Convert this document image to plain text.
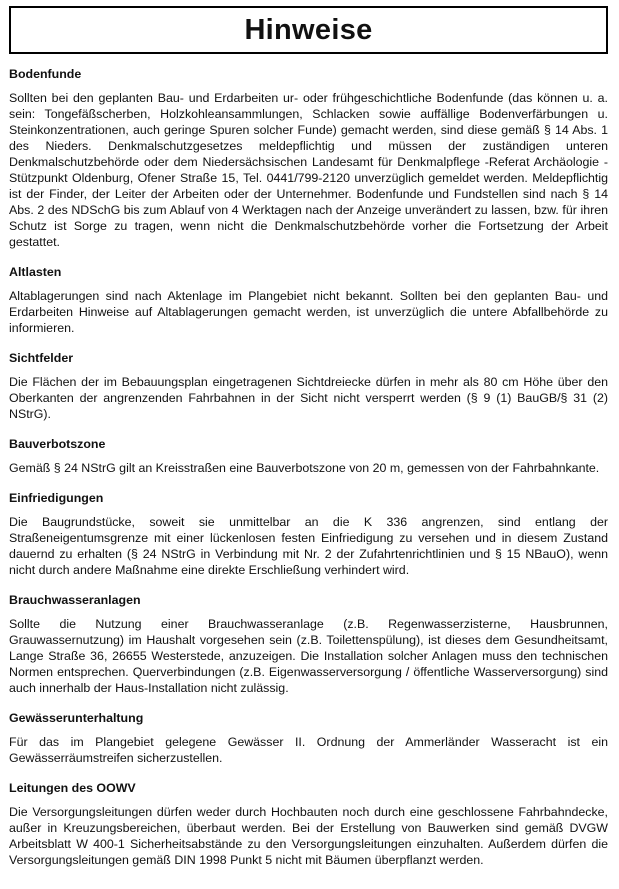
Hinweise

Bodenfunde

Sollten bei den geplanten Bau- und Erdarbeiten ur- oder frühgeschichtliche Bodenfunde (das können u. a. sein: Tongefäßscherben, Holzkohleansammlungen, Schlacken sowie auffällige Bodenverfärbungen u. Steinkonzentrationen, auch geringe Spuren solcher Funde) gemacht werden, sind diese gemäß § 14 Abs. 1 des Nieders. Denkmalschutzgesetzes meldepflichtig und müssen der zuständigen unteren Denkmalschutzbehörde oder dem Niedersächsischen Landesamt für Denkmalpflege -Referat Archäologie - Stützpunkt Oldenburg, Ofener Straße 15, Tel. 0441/799-2120 unverzüglich gemeldet werden. Meldepflichtig ist der Finder, der Leiter der Arbeiten oder der Unternehmer. Bodenfunde und Fundstellen sind nach § 14 Abs. 2 des NDSchG bis zum Ablauf von 4 Werktagen nach der Anzeige unverändert zu lassen, bzw. für ihren Schutz ist Sorge zu tragen, wenn nicht die Denkmalschutzbehörde vorher die Fortsetzung der Arbeit gestattet.

Altlasten

Altablagerungen sind nach Aktenlage im Plangebiet nicht bekannt. Sollten bei den geplanten Bau- und Erdarbeiten Hinweise auf Altablagerungen gemacht werden, ist unverzüglich die untere Abfallbehörde zu informieren.

Sichtfelder

Die Flächen der im Bebauungsplan eingetragenen Sichtdreiecke dürfen in mehr als 80 cm Höhe über den Oberkanten der angrenzenden Fahrbahnen in der Sicht nicht versperrt werden (§ 9 (1) BauGB/§ 31 (2) NStrG).

Bauverbotszone

Gemäß § 24 NStrG gilt an Kreisstraßen eine Bauverbotszone von 20 m, gemessen von der Fahrbahnkante.

Einfriedigungen

Die Baugrundstücke, soweit sie unmittelbar an die K 336 angrenzen, sind entlang der Straßeneigentumsgrenze mit einer lückenlosen festen Einfriedigung zu versehen und in diesem Zustand dauernd zu erhalten (§ 24 NStrG in Verbindung mit Nr. 2 der Zufahrtenrichtlinien und § 15 NBauO), wenn nicht durch andere Maßnahme eine direkte Erschließung verhindert wird.

Brauchwasseranlagen

Sollte die Nutzung einer Brauchwasseranlage (z.B. Regenwasserzisterne, Hausbrunnen, Grauwassernutzung) im Haushalt vorgesehen sein (z.B. Toilettenspülung), ist dieses dem Gesundheitsamt, Lange Straße 36, 26655 Westerstede, anzuzeigen. Die Installation solcher Anlagen muss den technischen Normen entsprechen. Querverbindungen (z.B. Eigenwasserversorgung / öffentliche Wasserversorgung) sind auch innerhalb der Haus-Installation nicht zulässig.

Gewässerunterhaltung

Für das im Plangebiet gelegene Gewässer II. Ordnung der Ammerländer Wasseracht ist ein Gewässerräumstreifen sicherzustellen.

Leitungen des OOWV

Die Versorgungsleitungen dürfen weder durch Hochbauten noch durch eine geschlossene Fahrbahndecke, außer in Kreuzungsbereichen, überbaut werden. Bei der Erstellung von Bauwerken sind gemäß DVGW Arbeitsblatt W 400-1 Sicherheitsabstände zu den Versorgungsleitungen einzuhalten. Außerdem dürfen die Versorgungsleitungen gemäß DIN 1998 Punkt 5 nicht mit Bäumen überpflanzt werden.
